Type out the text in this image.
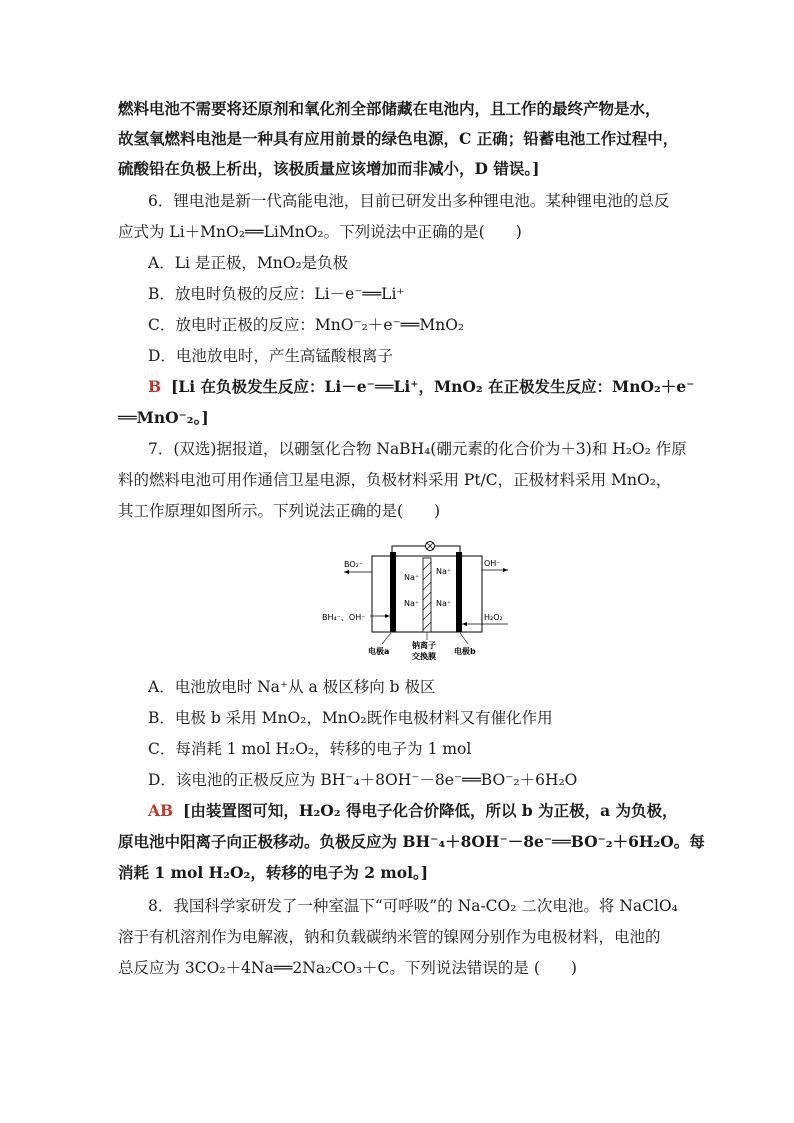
燃料电池不需要将还原剂和氧化剂全部储藏在电池内，且工作的最终产物是水，
故氢氧燃料电池是一种具有应用前景的绿色电源，C 正确；铅蓄电池工作过程中，
硫酸铅在负极上析出，该极质量应该增加而非减小，D 错误。]
6．锂电池是新一代高能电池，目前已研发出多种锂电池。某种锂电池的总反
应式为 Li＋MnO₂══LiMnO₂。下列说法中正确的是(　　)
A．Li 是正极，MnO₂是负极
B．放电时负极的反应：Li－e⁻══Li⁺
C．放电时正极的反应：MnO⁻₂＋e⁻══MnO₂
D．电池放电时，产生高锰酸根离子
B [Li 在负极发生反应：Li－e⁻══Li⁺，MnO₂ 在正极发生反应：MnO₂＋e⁻
══MnO⁻₂。]
7．(双选)据报道，以硼氢化合物 NaBH₄(硼元素的化合价为＋3)和 H₂O₂ 作原
料的燃料电池可用作通信卫星电源，负极材料采用 Pt/C，正极材料采用 MnO₂，
其工作原理如图所示。下列说法正确的是(　　)
Na⁺
Na⁺
Na⁺
Na⁺
BO₂⁻
BH₄⁻、OH⁻
OH⁻
H₂O₂
电极a
钠离子
交换膜
电极b
A．电池放电时 Na⁺从 a 极区移向 b 极区
B．电极 b 采用 MnO₂，MnO₂既作电极材料又有催化作用
C．每消耗 1 mol H₂O₂，转移的电子为 1 mol
D．该电池的正极反应为 BH⁻₄＋8OH⁻－8e⁻══BO⁻₂＋6H₂O
AB [由装置图可知，H₂O₂ 得电子化合价降低，所以 b 为正极，a 为负极，
原电池中阳离子向正极移动。负极反应为 BH⁻₄＋8OH⁻－8e⁻══BO⁻₂＋6H₂O。每
消耗 1 mol H₂O₂，转移的电子为 2 mol。]
8．我国科学家研发了一种室温下“可呼吸”的 Na-CO₂ 二次电池。将 NaClO₄
溶于有机溶剂作为电解液，钠和负载碳纳米管的镍网分别作为电极材料，电池的
总反应为 3CO₂＋4Na══2Na₂CO₃＋C。下列说法错误的是 (　　)
